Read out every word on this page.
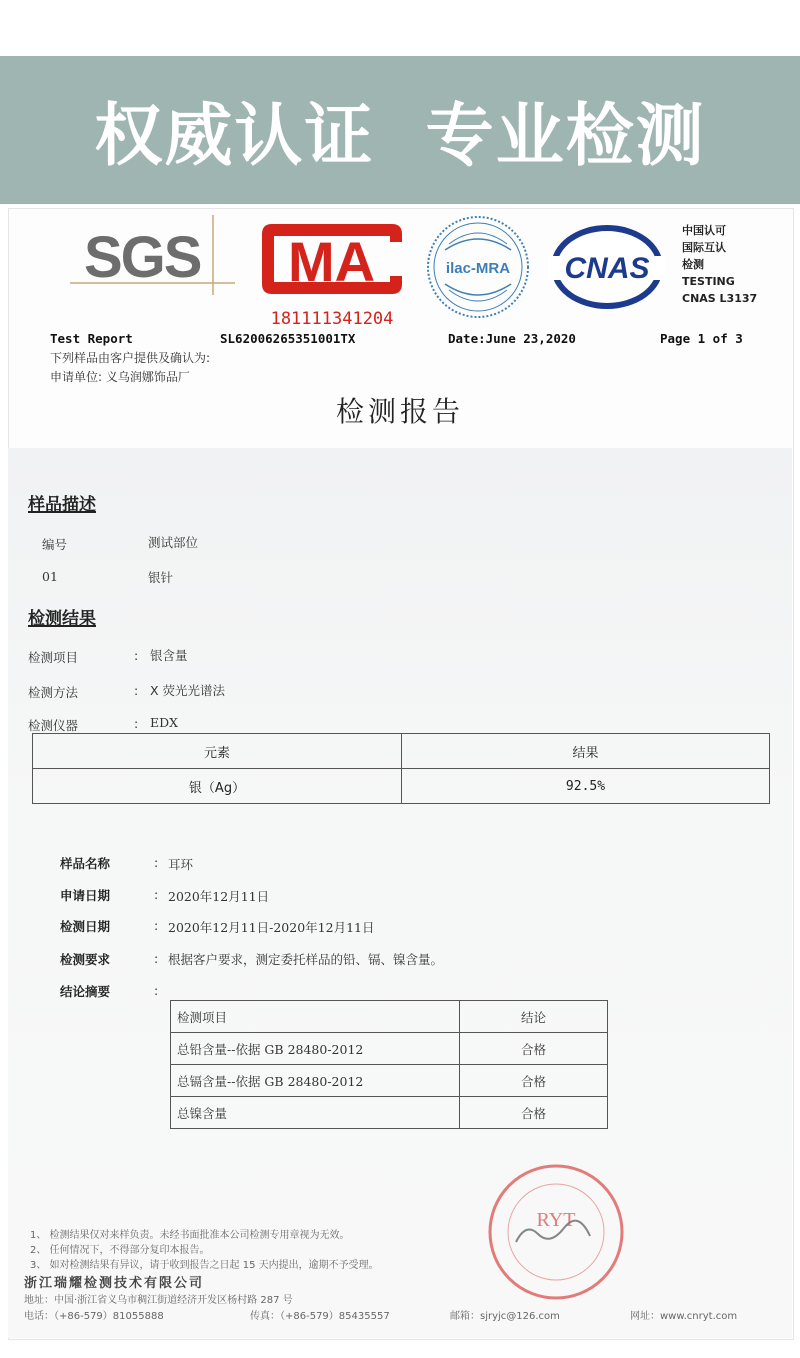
权威认证  专业检测
SGS MA
181111341204
ilac-MRA CNAS
中国认可
国际互认
检测
TESTING
CNAS L3137
Test Report	SL62006265351001TX	Date:June 23,2020	Page 1 of 3
下列样品由客户提供及确认为:
申请单位: 义乌润娜饰品厂
检测报告
样品描述
编号	测试部位
01	银针
检测结果
检测项目	: 银含量
检测方法	: X 荧光光谱法
检测仪器	: EDX
元素	结果
银（Ag）	92.5%
样品名称	: 耳环
申请日期	: 2020年12月11日
检测日期	: 2020年12月11日-2020年12月11日
检测要求	: 根据客户要求，测定委托样品的铅、镉、镍含量。
结论摘要	:
检测项目	结论
总铅含量--依据 GB 28480-2012	合格
总镉含量--依据 GB 28480-2012	合格
总镍含量	合格
RYT
1、 检测结果仅对来样负责。未经书面批准本公司检测专用章视为无效。
2、 任何情况下，不得部分复印本报告。
3、 如对检测结果有异议，请于收到报告之日起 15 天内提出，逾期不予受理。
浙江瑞耀检测技术有限公司
地址：中国·浙江省义乌市稠江街道经济开发区杨村路 287 号
电话：（+86-579）81055888	传真：（+86-579）85435557	邮箱：sjryjc@126.com	网址：www.cnryt.com
